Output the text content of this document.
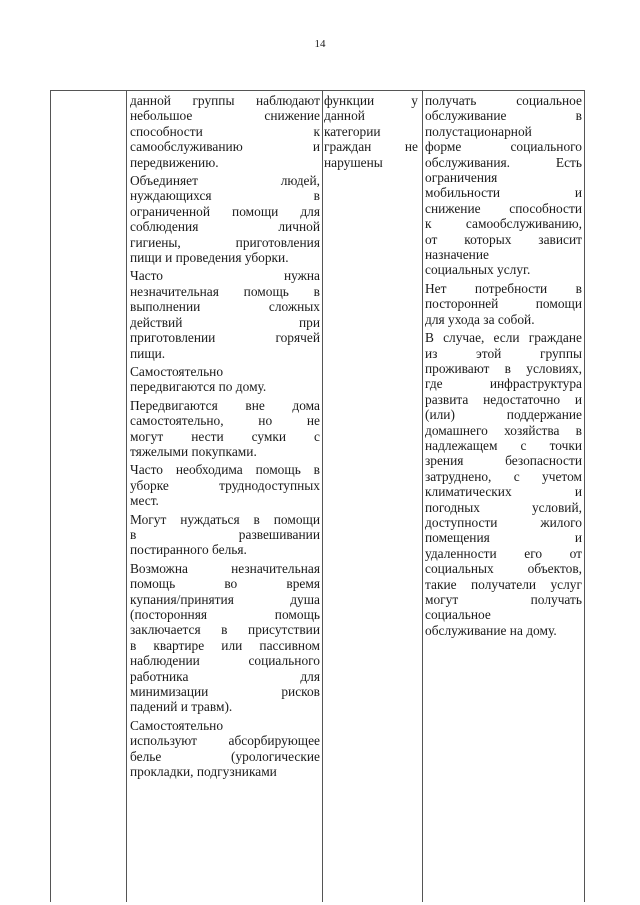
14

данной группы наблюдают
небольшое снижение
способности к
самообслуживанию и
передвижению.

Объединяет людей,
нуждающихся в
ограниченной помощи для
соблюдения личной
гигиены, приготовления
пищи и проведения уборки.

Часто нужна
незначительная помощь в
выполнении сложных
действий при
приготовлении горячей
пищи.

Самостоятельно
передвигаются по дому.

Передвигаются вне дома
самостоятельно, но не
могут нести сумки с
тяжелыми покупками.

Часто необходима помощь в
уборке труднодоступных
мест.

Могут нуждаться в помощи
в развешивании
постиранного белья.

Возможна незначительная
помощь во время
купания/принятия душа
(посторонняя помощь
заключается в присутствии
в квартире или пассивном
наблюдении социального
работника для
минимизации рисков
падений и травм).

Самостоятельно
используют абсорбирующее
белье (урологические
прокладки, подгузниками

функции у
данной
категории
граждан не
нарушены

получать социальное
обслуживание в
полустационарной
форме социального
обслуживания. Есть
ограничения
мобильности и
снижение способности
к самообслуживанию,
от которых зависит
назначение
социальных услуг.

Нет потребности в
посторонней помощи
для ухода за собой.

В случае, если граждане
из этой группы
проживают в условиях,
где инфраструктура
развита недостаточно и
(или) поддержание
домашнего хозяйства в
надлежащем с точки
зрения безопасности
затруднено, с учетом
климатических и
погодных условий,
доступности жилого
помещения и
удаленности его от
социальных объектов,
такие получатели услуг
могут получать
социальное
обслуживание на дому.
